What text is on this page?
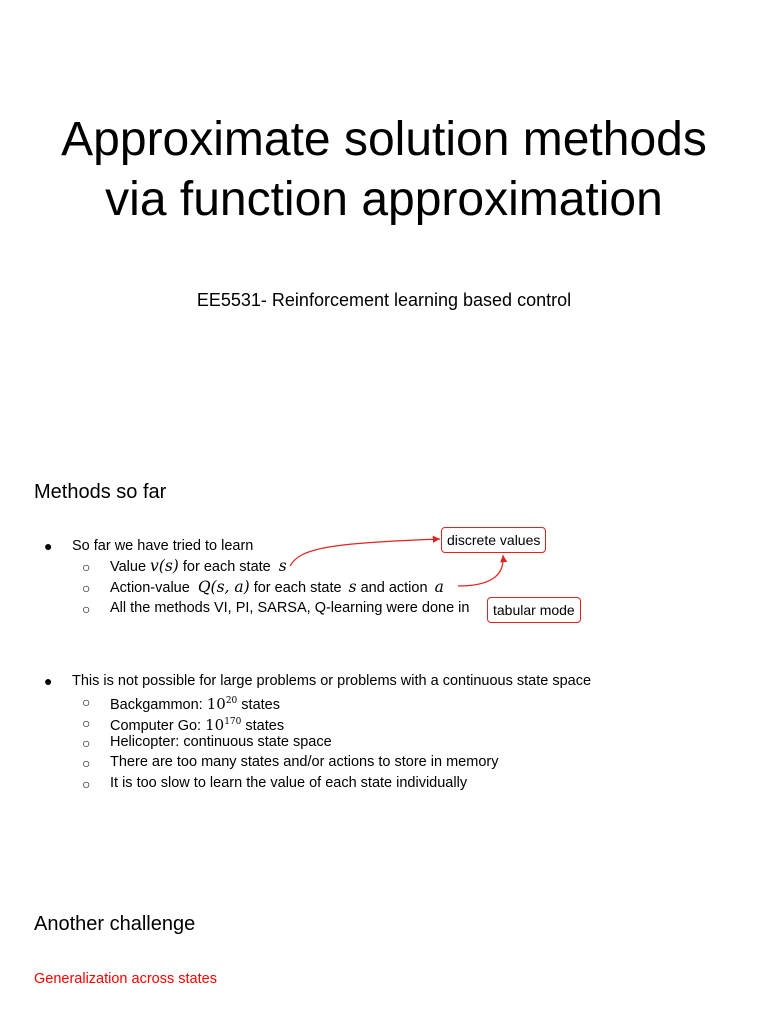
Approximate solution methods
via function approximation
EE5531- Reinforcement learning based control
Methods so far
● So far we have tried to learn
○ Value v(s) for each state s
○ Action-value Q(s, a) for each state s and action a
○ All the methods VI, PI, SARSA, Q-learning were done in	tabular mode
discrete values
● This is not possible for large problems or problems with a continuous state space
○ Backgammon: $10^{20}$ states
○ Computer Go: $10^{170}$ states
○ Helicopter: continuous state space
○ There are too many states and/or actions to store in memory
○ It is too slow to learn the value of each state individually
Another challenge
Generalization across states
